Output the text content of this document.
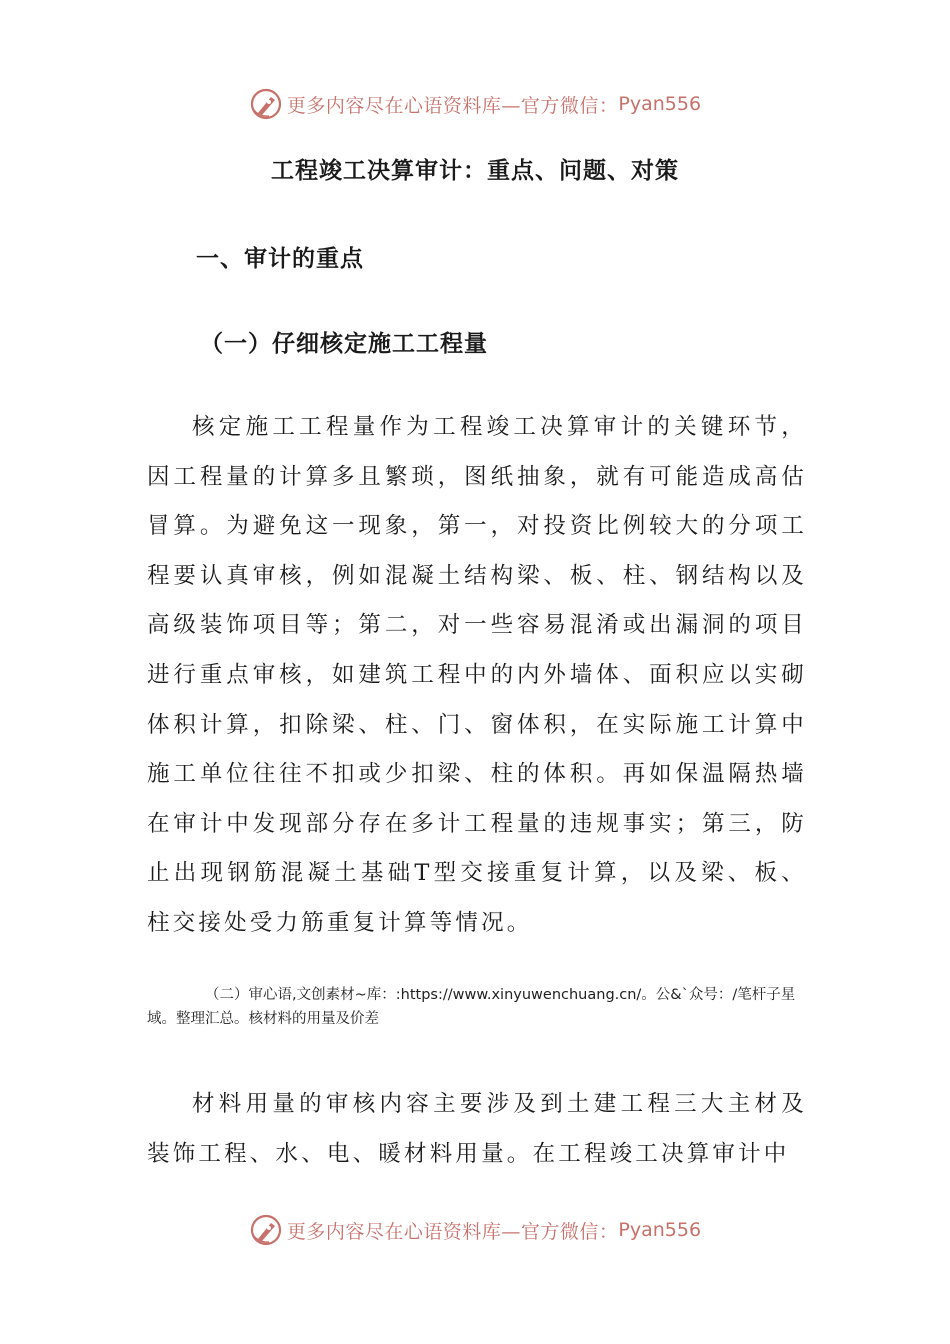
更多内容尽在心语资料库—官方微信： Pyan556
工程竣工决算审计：重点、问题、对策
一、审计的重点
（一）仔细核定施工工程量

核定施工工程量作为工程竣工决算审计的关键环节，因工程量的计算多且繁琐，图纸抽象，就有可能造成高估冒算。为避免这一现象，第一，对投资比例较大的分项工程要认真审核，例如混凝土结构梁、板、柱、钢结构以及高级装饰项目等；第二，对一些容易混淆或出漏洞的项目进行重点审核，如建筑工程中的内外墙体、面积应以实砌体积计算，扣除梁、柱、门、窗体积，在实际施工计算中施工单位往往不扣或少扣梁、柱的体积。再如保温隔热墙在审计中发现部分存在多计工程量的违规事实；第三，防止出现钢筋混凝土基础T型交接重复计算，以及梁、板、柱交接处受力筋重复计算等情况。

（二）审心语,文创素材~库：:https://www.xinyuwenchuang.cn/。公&`众号：/笔杆子星域。整理汇总。核材料的用量及价差

材料用量的审核内容主要涉及到土建工程三大主材及装饰工程、水、电、暖材料用量。在工程竣工决算审计中

更多内容尽在心语资料库—官方微信： Pyan556
